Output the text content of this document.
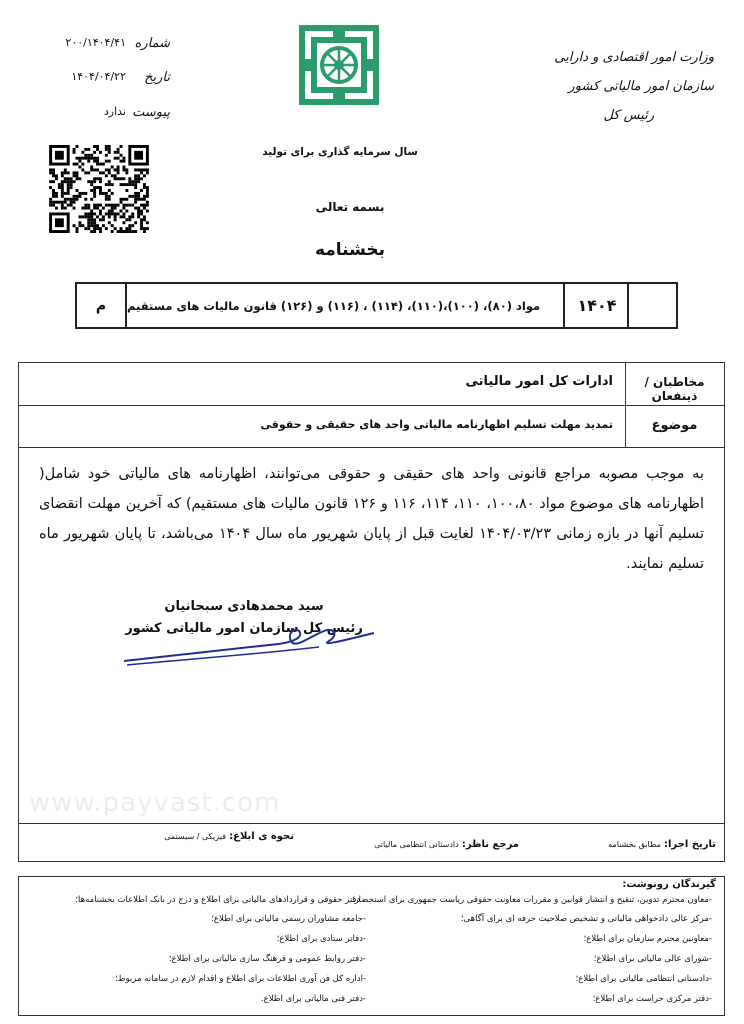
شماره
۲۰۰/۱۴۰۴/۴۱
تاریخ
۱۴۰۴/۰۴/۲۲
پیوست
ندارد
وزارت امور اقتصادی و دارایی
سازمان امور مالیاتی کشور
رئیس کل
سال سرمایه گذاری برای تولید
بسمه تعالی
بخشنامه
م	مواد (۸۰)، (۱۰۰)،(۱۱۰)، (۱۱۴) ، (۱۱۶) و (۱۲۶) قانون مالیات های مستقیم	۱۴۰۴
مخاطبان / ذینفعان
ادارات کل امور مالیاتی
موضوع
تمدید مهلت تسلیم اظهارنامه مالیاتی واحد های حقیقی و حقوقی
به موجب مصوبه مراجع قانونی واحد های حقیقی و حقوقی می‌توانند، اظهارنامه های مالیاتی خود شامل( اظهارنامه های موضوع مواد ۱۰۰،۸۰، ۱۱۰، ۱۱۴، ۱۱۶ و ۱۲۶ قانون مالیات های مستقیم) که آخرین مهلت انقضای تسلیم آنها در بازه زمانی ۱۴۰۴/۰۳/۲۳ لغایت قبل از پایان شهریور ماه سال ۱۴۰۴ می‌باشد، تا پایان شهریور ماه تسلیم نمایند.
سید محمدهادی سبحانیان
رئیس کل سازمان امور مالیاتی کشور
www.payvast.com
تاریخ اجرا: مطابق بخشنامه
مرجع ناظر: دادستانی انتظامی مالیاتی
نحوه ی ابلاغ: فیزیکی / سیستمی
گیرندگان رونوشت:
-معاون محترم تدوین، تنقیح و انتشار قوانین و مقررات معاونت حقوقی ریاست جمهوری برای استحضار؛
-مرکز عالی دادخواهی مالیاتی و تشخیص صلاحیت حرفه ای برای آگاهی؛
-معاونین محترم سازمان برای اطلاع؛
-شورای عالی مالیاتی برای اطلاع؛
-دادستانی انتظامی مالیاتی برای اطلاع؛
-دفتر مرکزی حراست برای اطلاع؛
- دفتر حقوقی و قراردادهای مالیاتی برای اطلاع و درج در بانک اطلاعات بخشنامه‌ها؛
-جامعه مشاوران رسمی مالیاتی برای اطلاع؛
-دفاتر ستادی برای اطلاع؛
-دفتر روابط عمومی و فرهنگ سازی مالیاتی برای اطلاع؛
-اداره کل فن آوری اطلاعات برای اطلاع و اقدام لازم در سامانه مربوط؛
-دفتر فنی مالیاتی برای اطلاع.
